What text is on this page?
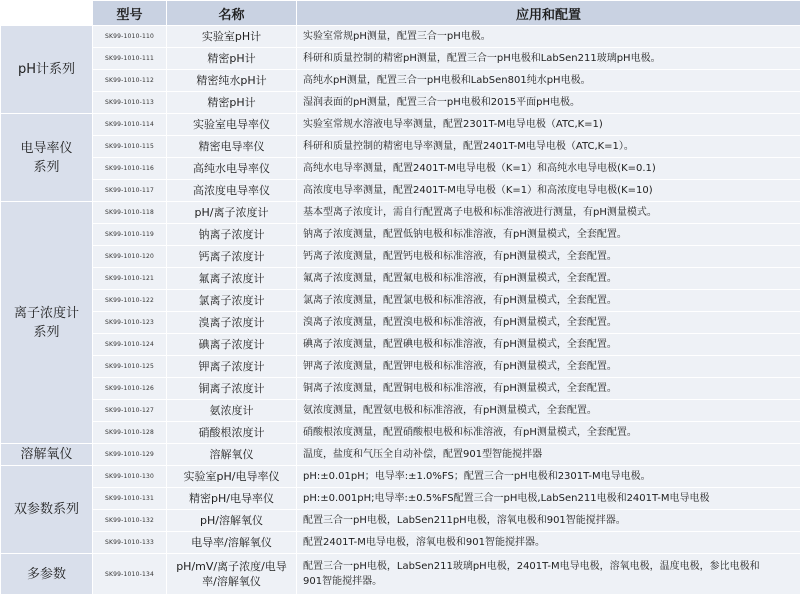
	型号	名称	应用和配置
pH计系列	SK99-1010-110	实验室pH计	实验室常规pH测量，配置三合一pH电极。
	SK99-1010-111	精密pH计	科研和质量控制的精密pH测量，配置三合一pH电极和LabSen211玻璃pH电极。
	SK99-1010-112	精密纯水pH计	高纯水pH测量，配置三合一pH电极和LabSen801纯水pH电极。
	SK99-1010-113	精密pH计	湿润表面的pH测量，配置三合一pH电极和2015平面pH电极。
电导率仪系列	SK99-1010-114	实验室电导率仪	实验室常规水溶液电导率测量，配置2301T-M电导电极（ATC,K=1)
	SK99-1010-115	精密电导率仪	科研和质量控制的精密电导率测量，配置2401T-M电导电极（ATC,K=1）。
	SK99-1010-116	高纯水电导率仪	高纯水电导率测量，配置2401T-M电导电极（K=1）和高纯水电导电极(K=0.1)
	SK99-1010-117	高浓度电导率仪	高浓度电导率测量，配置2401T-M电导电极（K=1）和高浓度电导电极(K=10)
离子浓度计系列	SK99-1010-118	pH/离子浓度计	基本型离子浓度计，需自行配置离子电极和标准溶液进行测量，有pH测量模式。
	SK99-1010-119	钠离子浓度计	钠离子浓度测量，配置低钠电极和标准溶液，有pH测量模式，全套配置。
	SK99-1010-120	钙离子浓度计	钙离子浓度测量，配置钙电极和标准溶液，有pH测量模式，全套配置。
	SK99-1010-121	氟离子浓度计	氟离子浓度测量，配置氟电极和标准溶液，有pH测量模式，全套配置。
	SK99-1010-122	氯离子浓度计	氯离子浓度测量，配置氯电极和标准溶液，有pH测量模式，全套配置。
	SK99-1010-123	溴离子浓度计	溴离子浓度测量，配置溴电极和标准溶液，有pH测量模式，全套配置。
	SK99-1010-124	碘离子浓度计	碘离子浓度测量，配置碘电极和标准溶液，有pH测量模式，全套配置。
	SK99-1010-125	钾离子浓度计	钾离子浓度测量，配置钾电极和标准溶液，有pH测量模式，全套配置。
	SK99-1010-126	铜离子浓度计	铜离子浓度测量，配置铜电极和标准溶液，有pH测量模式，全套配置。
	SK99-1010-127	氨浓度计	氨浓度测量，配置氨电极和标准溶液，有pH测量模式，全套配置。
	SK99-1010-128	硝酸根浓度计	硝酸根浓度测量，配置硝酸根电极和标准溶液，有pH测量模式，全套配置。
溶解氧仪	SK99-1010-129	溶解氧仪	温度，盐度和气压全自动补偿，配置901型智能搅拌器
双参数系列	SK99-1010-130	实验室pH/电导率仪	pH:±0.01pH；电导率:±1.0%FS；配置三合一pH电极和2301T-M电导电极。
	SK99-1010-131	精密pH/电导率仪	pH:±0.001pH;电导率:±0.5%FS配置三合一pH电极,LabSen211电极和2401T-M电导电极
	SK99-1010-132	pH/溶解氧仪	配置三合一pH电极，LabSen211pH电极，溶氧电极和901智能搅拌器。
	SK99-1010-133	电导率/溶解氧仪	配置2401T-M电导电极，溶氧电极和901智能搅拌器。
多参数	SK99-1010-134	pH/mV/离子浓度/电导率/溶解氧仪	配置三合一pH电极，LabSen211玻璃pH电极，2401T-M电导电极，溶氧电极，温度电极，参比电极和901智能搅拌器。
